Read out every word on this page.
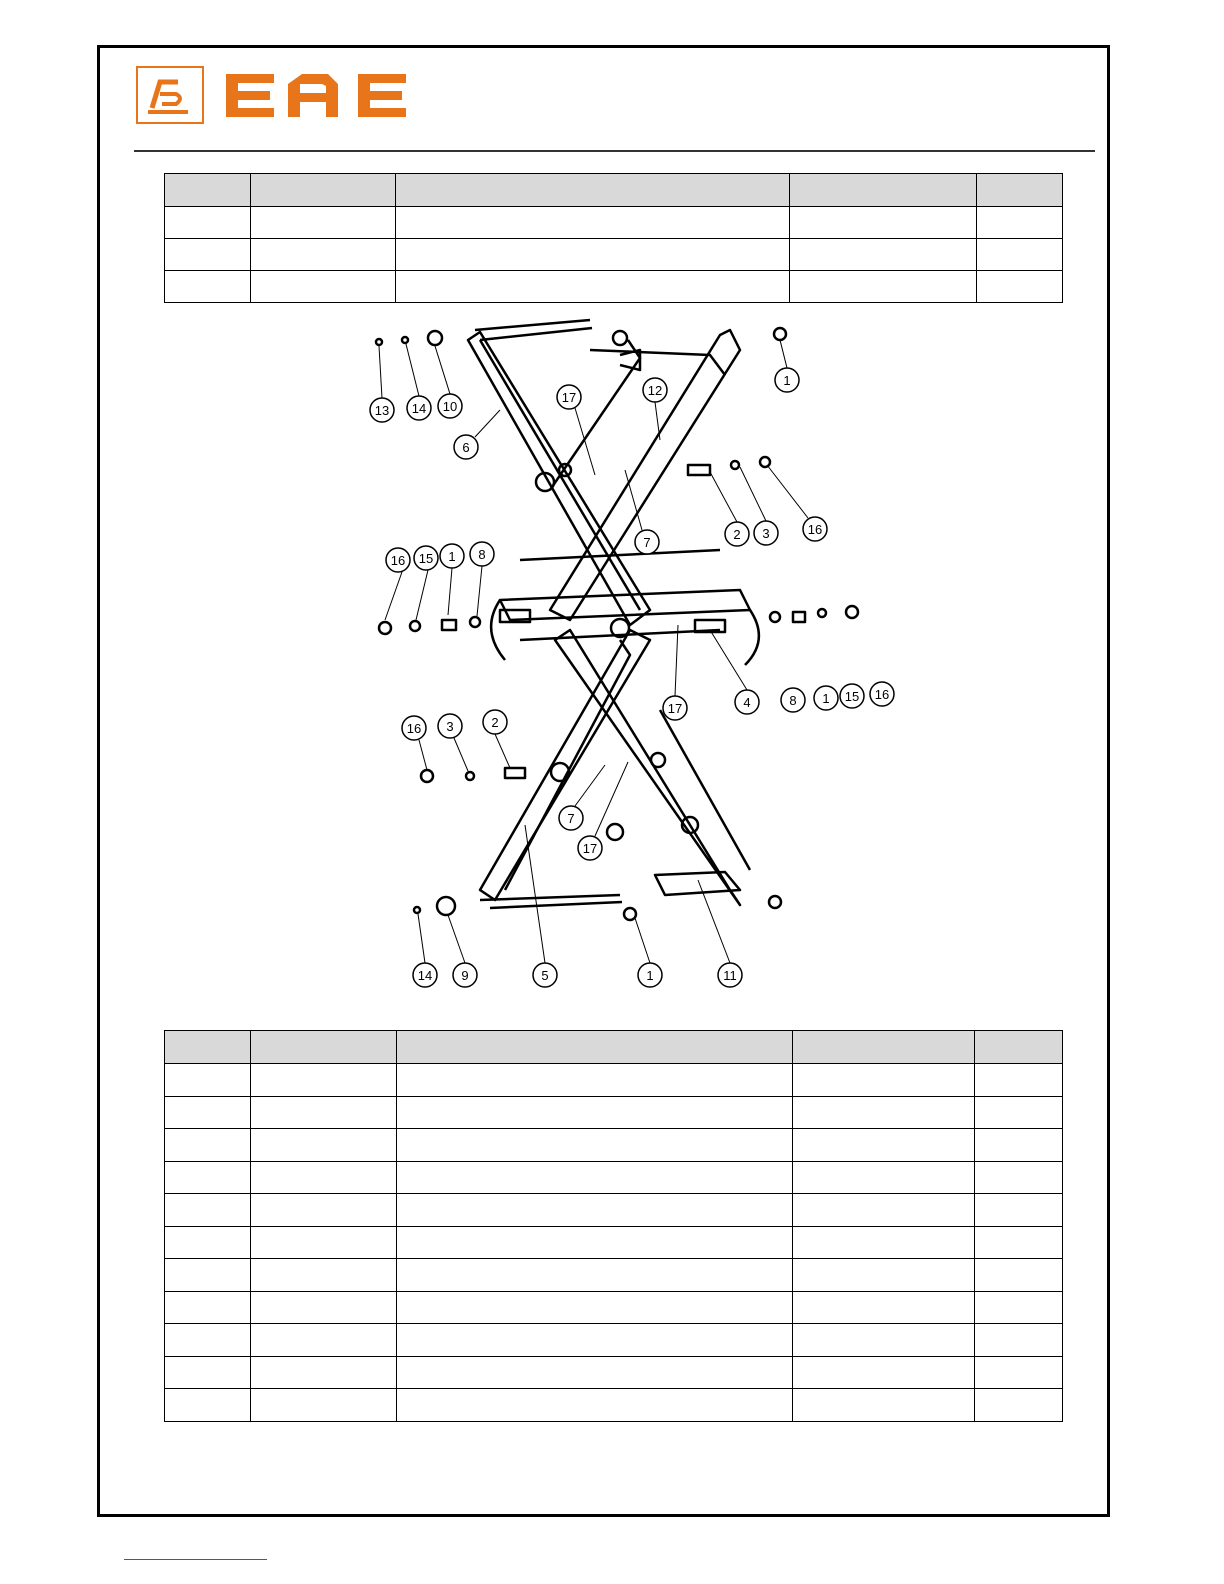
1
13 14 10
6
17	12
16
2 3
7
16 15 1 8
17
8 1 15 16
4
16 3	2
7
17
14 9	5	1	11
